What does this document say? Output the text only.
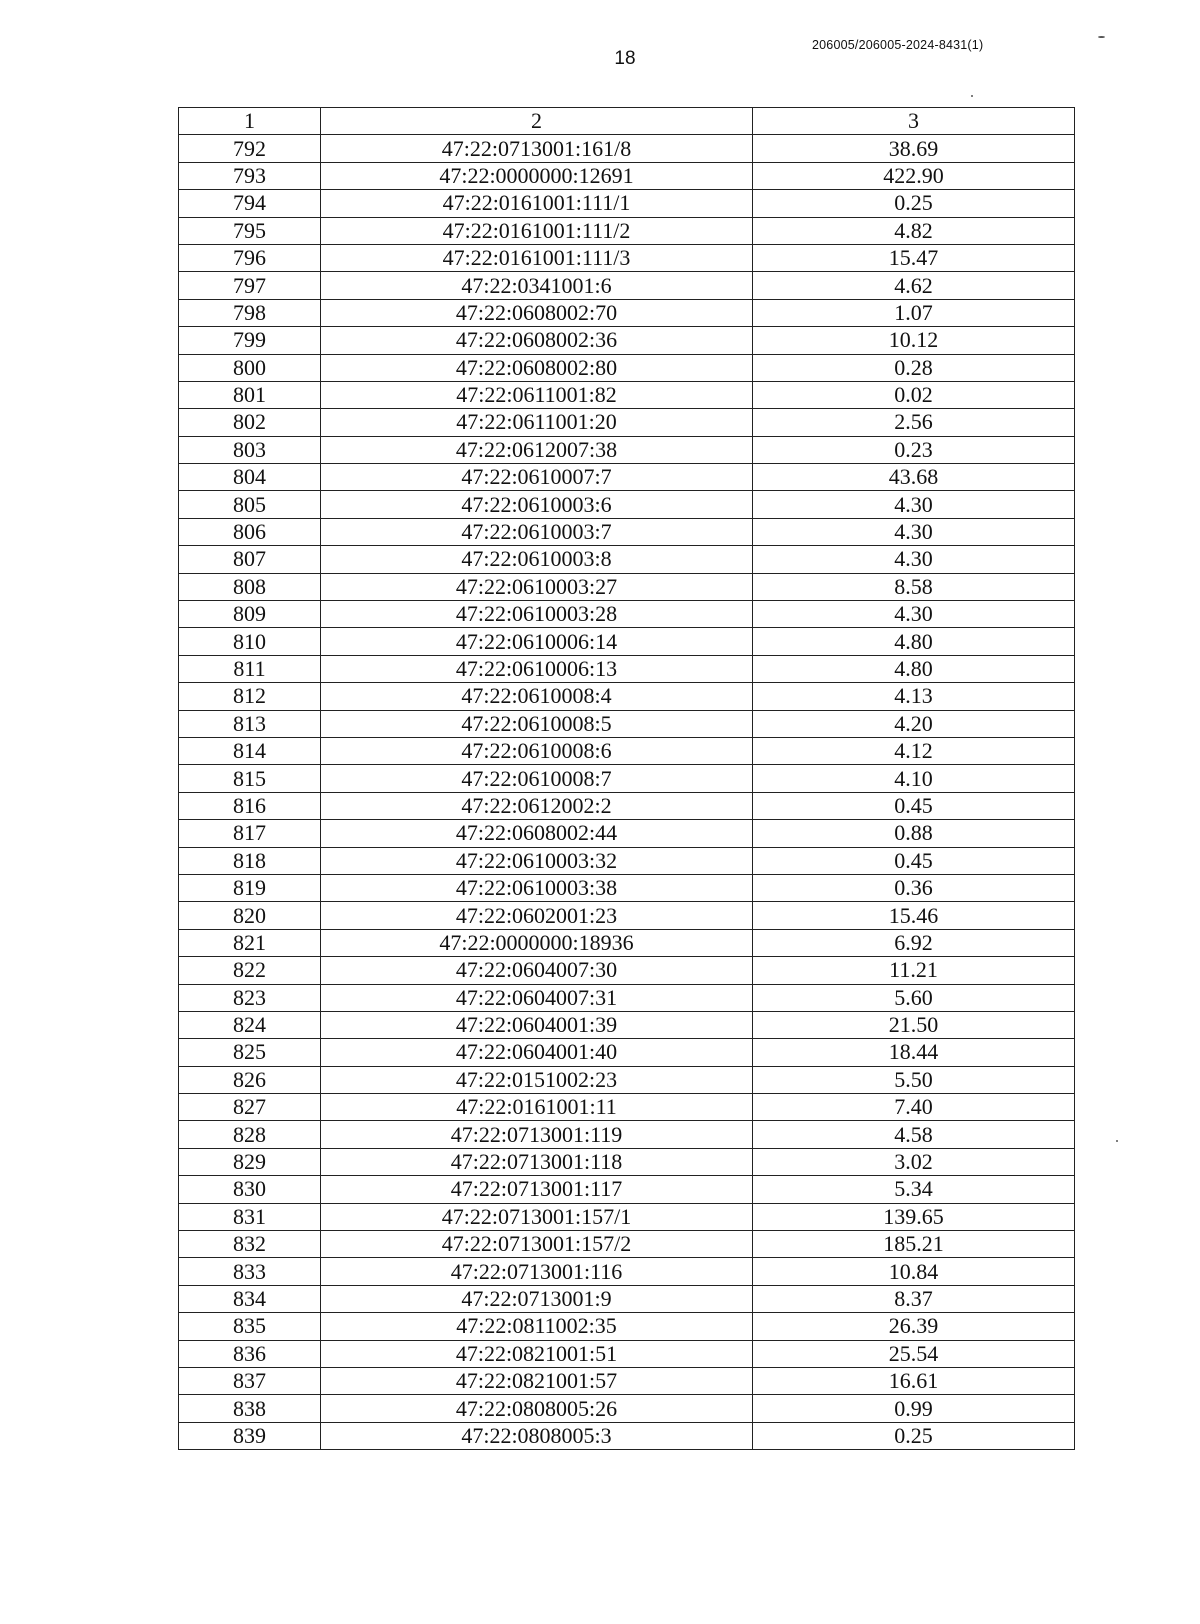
18
206005/206005-2024-8431(1)
1	2	3
792	47:22:0713001:161/8	38.69
793	47:22:0000000:12691	422.90
794	47:22:0161001:111/1	0.25
795	47:22:0161001:111/2	4.82
796	47:22:0161001:111/3	15.47
797	47:22:0341001:6	4.62
798	47:22:0608002:70	1.07
799	47:22:0608002:36	10.12
800	47:22:0608002:80	0.28
801	47:22:0611001:82	0.02
802	47:22:0611001:20	2.56
803	47:22:0612007:38	0.23
804	47:22:0610007:7	43.68
805	47:22:0610003:6	4.30
806	47:22:0610003:7	4.30
807	47:22:0610003:8	4.30
808	47:22:0610003:27	8.58
809	47:22:0610003:28	4.30
810	47:22:0610006:14	4.80
811	47:22:0610006:13	4.80
812	47:22:0610008:4	4.13
813	47:22:0610008:5	4.20
814	47:22:0610008:6	4.12
815	47:22:0610008:7	4.10
816	47:22:0612002:2	0.45
817	47:22:0608002:44	0.88
818	47:22:0610003:32	0.45
819	47:22:0610003:38	0.36
820	47:22:0602001:23	15.46
821	47:22:0000000:18936	6.92
822	47:22:0604007:30	11.21
823	47:22:0604007:31	5.60
824	47:22:0604001:39	21.50
825	47:22:0604001:40	18.44
826	47:22:0151002:23	5.50
827	47:22:0161001:11	7.40
828	47:22:0713001:119	4.58
829	47:22:0713001:118	3.02
830	47:22:0713001:117	5.34
831	47:22:0713001:157/1	139.65
832	47:22:0713001:157/2	185.21
833	47:22:0713001:116	10.84
834	47:22:0713001:9	8.37
835	47:22:0811002:35	26.39
836	47:22:0821001:51	25.54
837	47:22:0821001:57	16.61
838	47:22:0808005:26	0.99
839	47:22:0808005:3	0.25
